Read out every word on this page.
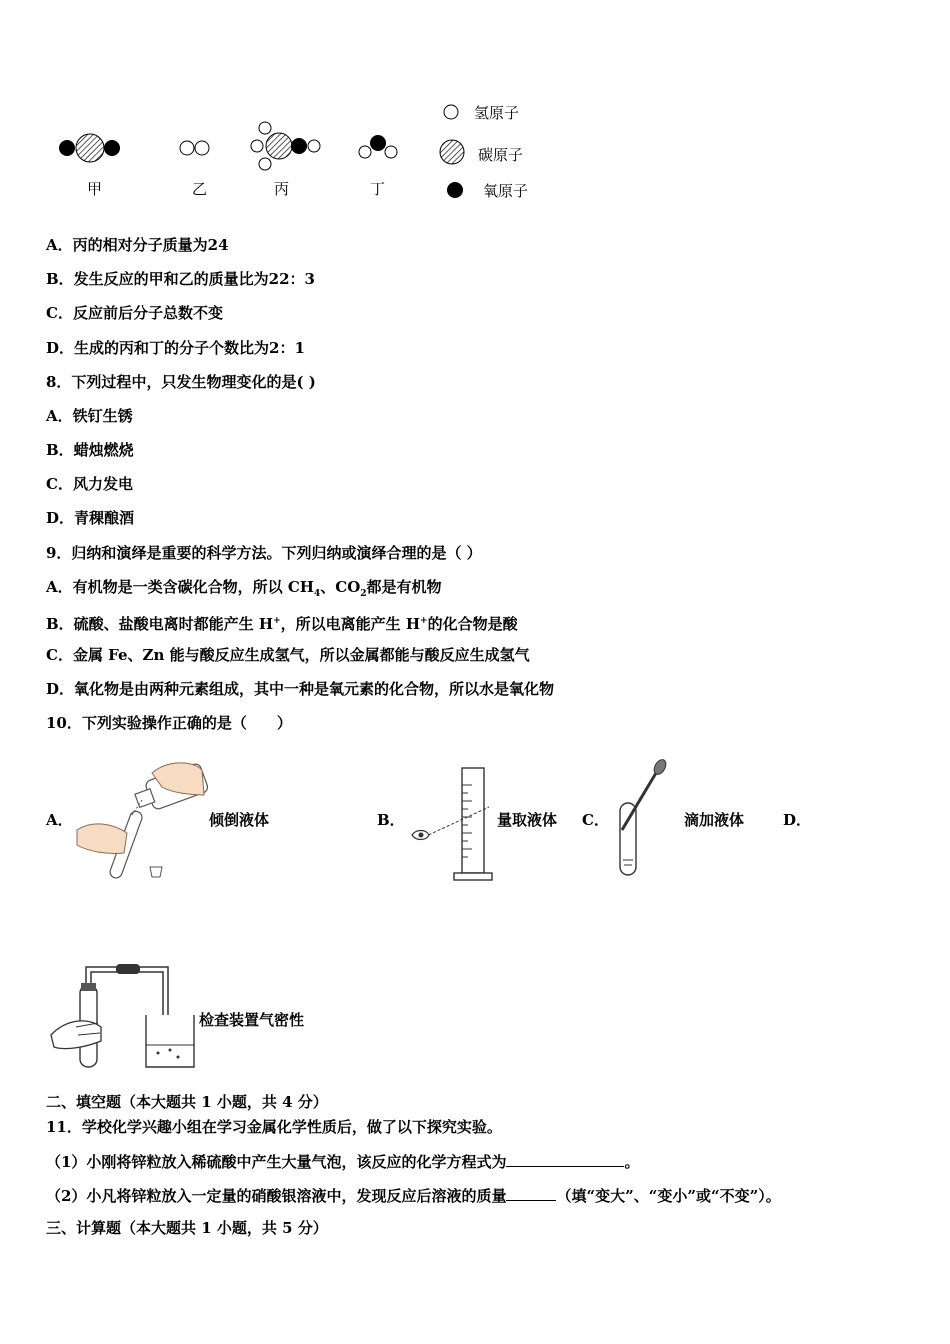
甲	乙	丙	丁
氢原子
碳原子
氧原子
A．丙的相对分子质量为24
B．发生反应的甲和乙的质量比为22：3
C．反应前后分子总数不变
D．生成的丙和丁的分子个数比为2：1
8．下列过程中，只发生物理变化的是( )
A．铁钉生锈
B．蜡烛燃烧
C．风力发电
D．青稞酿酒
9．归纳和演绎是重要的科学方法。下列归纳或演绎合理的是（ ）
A．有机物是一类含碳化合物，所以 $CH_4$、$CO_2$都是有机物
B．硫酸、盐酸电离时都能产生 H+，所以电离能产生 H+的化合物是酸
C．金属 Fe、Zn 能与酸反应生成氢气，所以金属都能与酸反应生成氢气
D．氧化物是由两种元素组成，其中一种是氧元素的化合物，所以水是氧化物
10．下列实验操作正确的是（　　）
A．	倾倒液体	B．	量取液体 C．	滴加液体	D．
检查装置气密性
二、填空题（本大题共 1 小题，共 4 分）
11．学校化学兴趣小组在学习金属化学性质后，做了以下探究实验。
（1）小刚将锌粒放入稀硫酸中产生大量气泡，该反应的化学方程式为	。
（2）小凡将锌粒放入一定量的硝酸银溶液中，发现反应后溶液的质量	（填“变大”、“变小”或“不变”）。
三、计算题（本大题共 1 小题，共 5 分）
